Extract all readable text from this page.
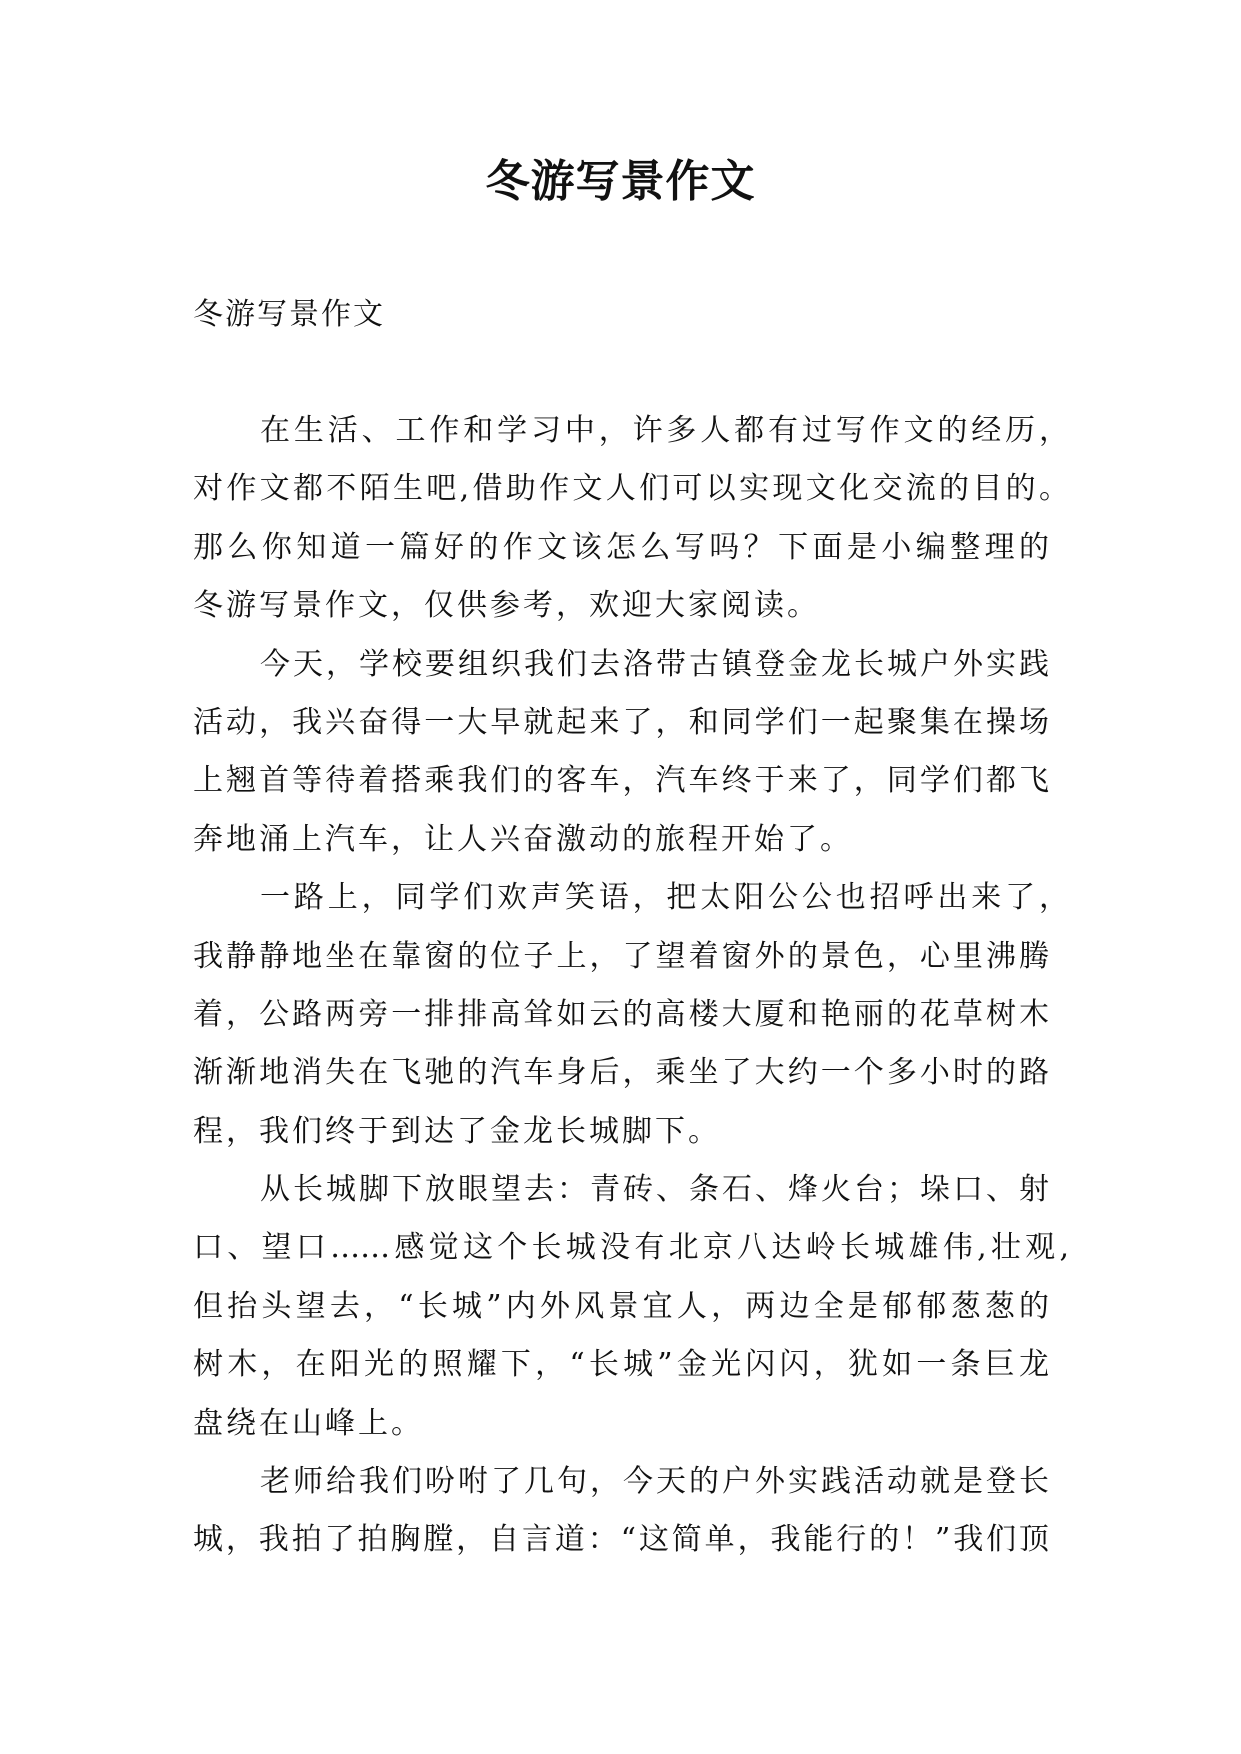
冬游写景作文
冬游写景作文
在生活、工作和学习中，许多人都有过写作文的经历，
对作文都不陌生吧,借助作文人们可以实现文化交流的目的。
那么你知道一篇好的作文该怎么写吗？下面是小编整理的
冬游写景作文，仅供参考，欢迎大家阅读。
今天，学校要组织我们去洛带古镇登金龙长城户外实践
活动，我兴奋得一大早就起来了，和同学们一起聚集在操场
上翘首等待着搭乘我们的客车，汽车终于来了，同学们都飞
奔地涌上汽车，让人兴奋激动的旅程开始了。
一路上，同学们欢声笑语，把太阳公公也招呼出来了，
我静静地坐在靠窗的位子上，了望着窗外的景色，心里沸腾
着，公路两旁一排排高耸如云的高楼大厦和艳丽的花草树木
渐渐地消失在飞驰的汽车身后，乘坐了大约一个多小时的路
程，我们终于到达了金龙长城脚下。
从长城脚下放眼望去：青砖、条石、烽火台；垛口、射
口、望口……感觉这个长城没有北京八达岭长城雄伟,壮观,
但抬头望去，“长城”内外风景宜人，两边全是郁郁葱葱的
树木，在阳光的照耀下，“长城”金光闪闪，犹如一条巨龙
盘绕在山峰上。
老师给我们吩咐了几句，今天的户外实践活动就是登长
城，我拍了拍胸膛，自言道：“这简单，我能行的！”我们顶
